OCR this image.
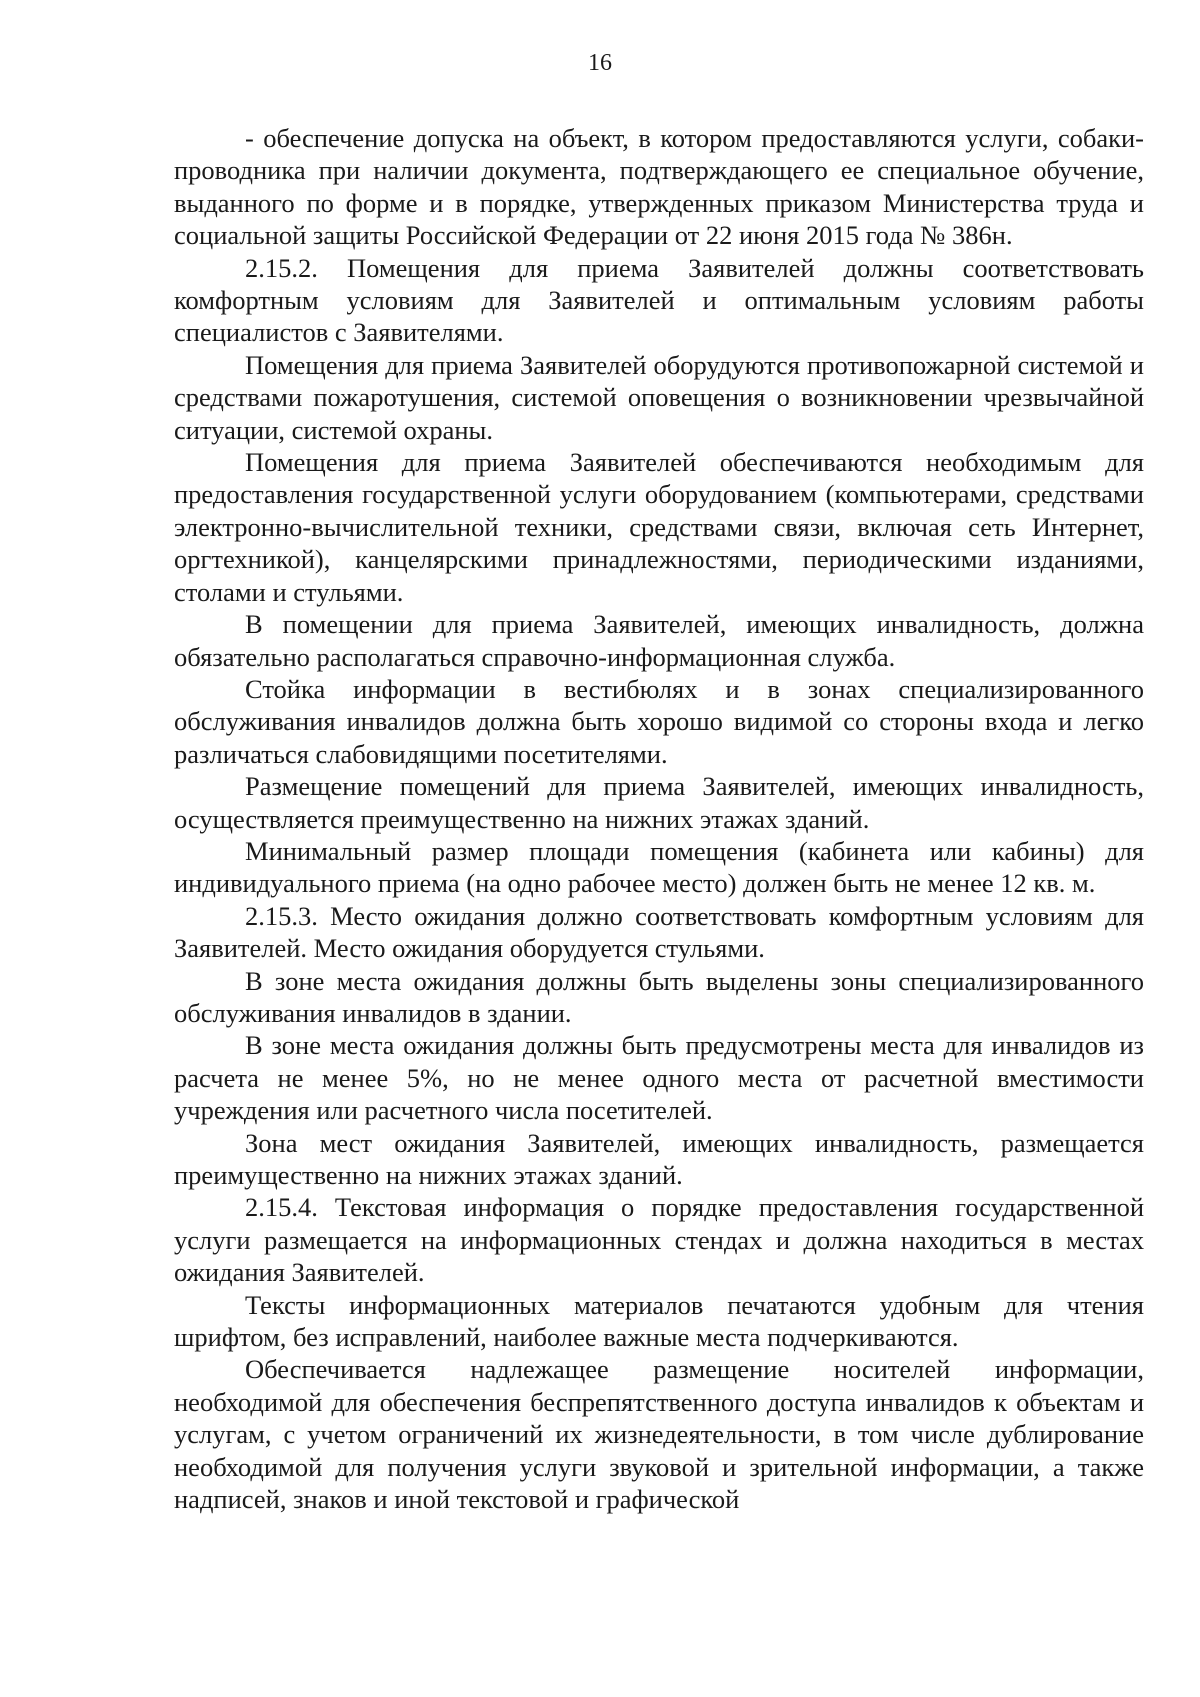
16

- обеспечение допуска на объект, в котором предоставляются услуги, собаки-проводника при наличии документа, подтверждающего ее специальное обучение, выданного по форме и в порядке, утвержденных приказом Министерства труда и социальной защиты Российской Федерации от 22 июня 2015 года № 386н.

2.15.2. Помещения для приема Заявителей должны соответствовать комфортным условиям для Заявителей и оптимальным условиям работы специалистов с Заявителями.

Помещения для приема Заявителей оборудуются противопожарной системой и средствами пожаротушения, системой оповещения о возникновении чрезвычайной ситуации, системой охраны.

Помещения для приема Заявителей обеспечиваются необходимым для предоставления государственной услуги оборудованием (компьютерами, средствами электронно-вычислительной техники, средствами связи, включая сеть Интернет, оргтехникой), канцелярскими принадлежностями, периодическими изданиями, столами и стульями.

В помещении для приема Заявителей, имеющих инвалидность, должна обязательно располагаться справочно-информационная служба.

Стойка информации в вестибюлях и в зонах специализированного обслуживания инвалидов должна быть хорошо видимой со стороны входа и легко различаться слабовидящими посетителями.

Размещение помещений для приема Заявителей, имеющих инвалидность, осуществляется преимущественно на нижних этажах зданий.

Минимальный размер площади помещения (кабинета или кабины) для индивидуального приема (на одно рабочее место) должен быть не менее 12 кв. м.

2.15.3. Место ожидания должно соответствовать комфортным условиям для Заявителей. Место ожидания оборудуется стульями.

В зоне места ожидания должны быть выделены зоны специализированного обслуживания инвалидов в здании.

В зоне места ожидания должны быть предусмотрены места для инвалидов из расчета не менее 5%, но не менее одного места от расчетной вместимости учреждения или расчетного числа посетителей.

Зона мест ожидания Заявителей, имеющих инвалидность, размещается преимущественно на нижних этажах зданий.

2.15.4. Текстовая информация о порядке предоставления государственной услуги размещается на информационных стендах и должна находиться в местах ожидания Заявителей.

Тексты информационных материалов печатаются удобным для чтения шрифтом, без исправлений, наиболее важные места подчеркиваются.

Обеспечивается надлежащее размещение носителей информации, необходимой для обеспечения беспрепятственного доступа инвалидов к объектам и услугам, с учетом ограничений их жизнедеятельности, в том числе дублирование необходимой для получения услуги звуковой и зрительной информации, а также надписей, знаков и иной текстовой и графической
